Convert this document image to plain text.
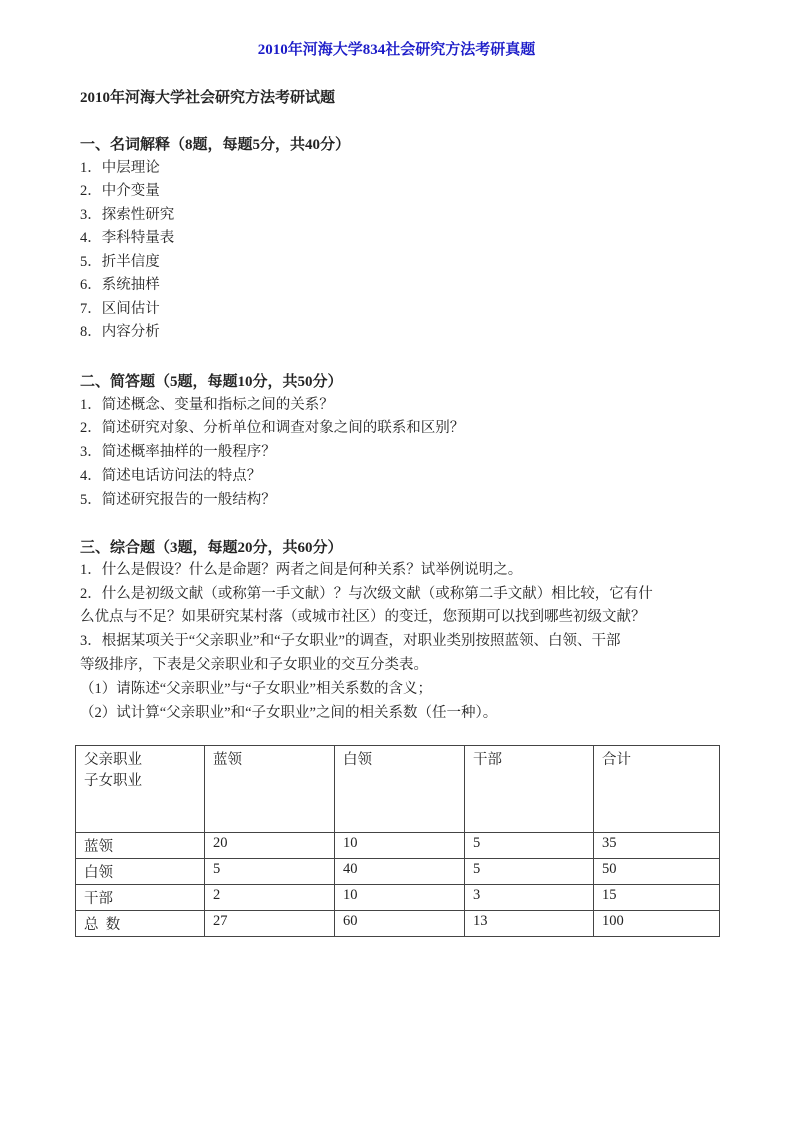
2010年河海大学834社会研究方法考研真题
2010年河海大学社会研究方法考研试题
一、名词解释（8题，每题5分，共40分）
1．中层理论
2．中介变量
3．探索性研究
4．李科特量表
5．折半信度
6．系统抽样
7．区间估计
8．内容分析
二、简答题（5题，每题10分，共50分）
1．简述概念、变量和指标之间的关系？
2．简述研究对象、分析单位和调查对象之间的联系和区别？
3．简述概率抽样的一般程序？
4．简述电话访问法的特点？
5．简述研究报告的一般结构？
三、综合题（3题，每题20分，共60分）
1．什么是假设？什么是命题？两者之间是何种关系？试举例说明之。
2．什么是初级文献（或称第一手文献）？与次级文献（或称第二手文献）相比较，它有什
么优点与不足？如果研究某村落（或城市社区）的变迁，您预期可以找到哪些初级文献？
3．根据某项关于“父亲职业”和“子女职业”的调查，对职业类别按照蓝领、白领、干部
等级排序，下表是父亲职业和子女职业的交互分类表。
（1）请陈述“父亲职业”与“子女职业”相关系数的含义；
（2）试计算“父亲职业”和“子女职业”之间的相关系数（任一种）。
父亲职业
子女职业	蓝领	白领	干部	合计
蓝领	20	10	5	35
白领	5	40	5	50
干部	2	10	3	15
总  数	27	60	13	100
